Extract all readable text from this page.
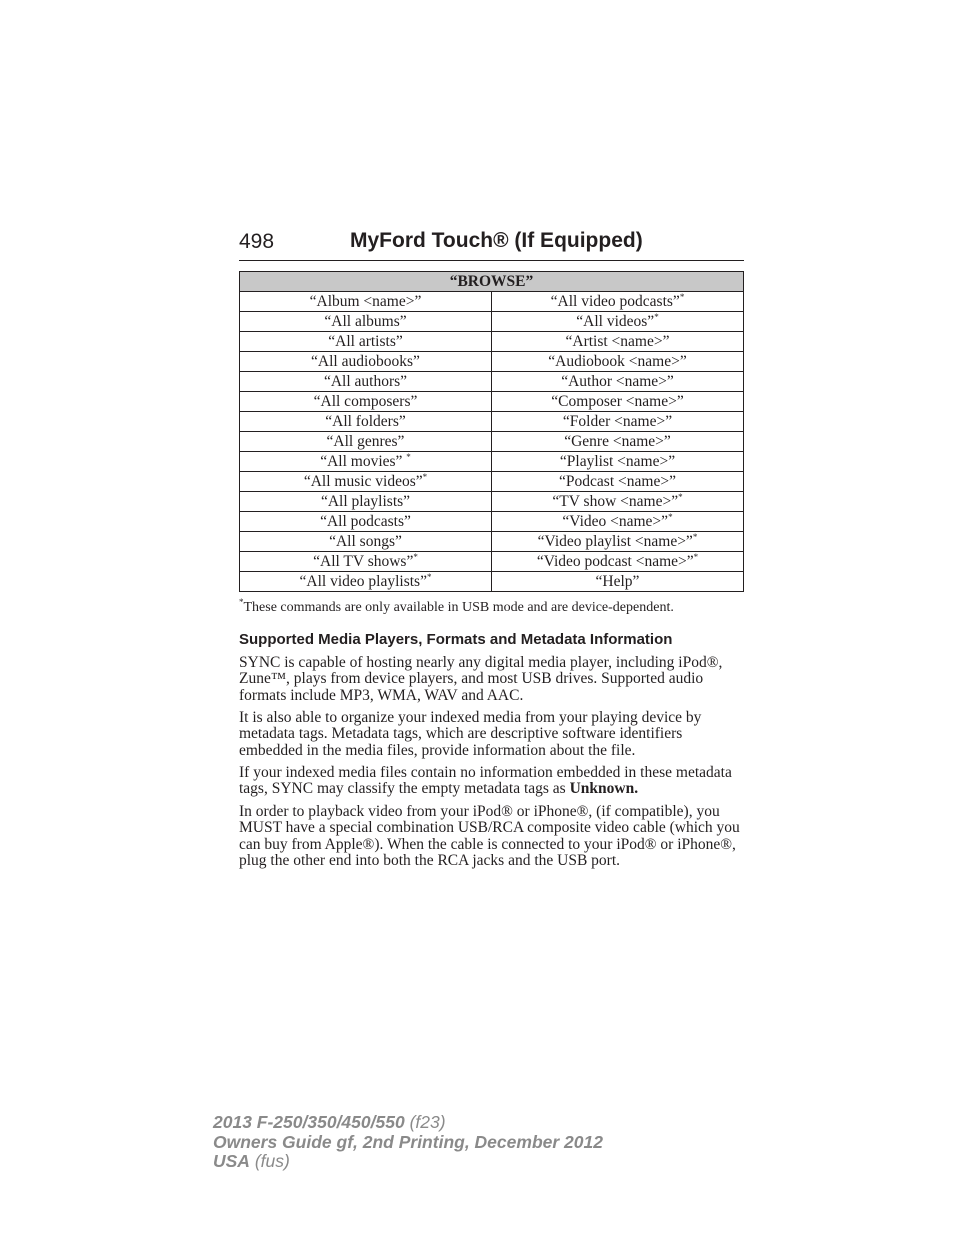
498	MyFord Touch® (If Equipped)
“BROWSE”	
“Album <name>”	“All video podcasts”*
“All albums”	“All videos”*
“All artists”	“Artist <name>”
“All audiobooks”	“Audiobook <name>”
“All authors”	“Author <name>”
“All composers”	“Composer <name>”
“All folders”	“Folder <name>”
“All genres”	“Genre <name>”
“All movies” *	“Playlist <name>”
“All music videos”*	“Podcast <name>”
“All playlists”	“TV show <name>”*
“All podcasts”	“Video <name>”*
“All songs”	“Video playlist <name>”*
“All TV shows”*	“Video podcast <name>”*
“All video playlists”*	“Help”
*These commands are only available in USB mode and are device-dependent.
Supported Media Players, Formats and Metadata Information

SYNC is capable of hosting nearly any digital media player, including iPod®, Zune™, plays from device players, and most USB drives. Supported audio formats include MP3, WMA, WAV and AAC.

It is also able to organize your indexed media from your playing device by metadata tags. Metadata tags, which are descriptive software identifiers embedded in the media files, provide information about the file.

If your indexed media files contain no information embedded in these metadata tags, SYNC may classify the empty metadata tags as Unknown.

In order to playback video from your iPod® or iPhone®, (if compatible), you MUST have a special combination USB/RCA composite video cable (which you can buy from Apple®). When the cable is connected to your iPod® or iPhone®, plug the other end into both the RCA jacks and the USB port.

2013 F-250/350/450/550 (f23)
Owners Guide gf, 2nd Printing, December 2012
USA (fus)
